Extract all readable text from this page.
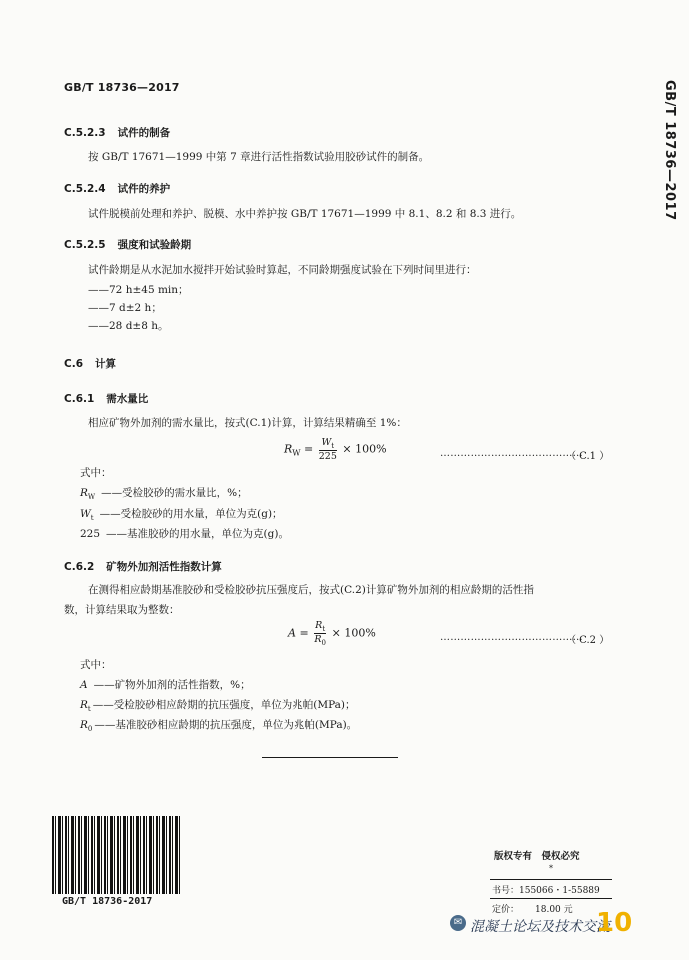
GB/T 18736—2017	GB/T 18736—2017
C.5.2.3 试件的制备
按 GB/T 17671—1999 中第 7 章进行活性指数试验用胶砂试件的制备。
C.5.2.4 试件的养护
试件脱模前处理和养护、脱模、水中养护按 GB/T 17671—1999 中 8.1、8.2 和 8.3 进行。
C.5.2.5 强度和试验龄期
试件龄期是从水泥加水搅拌开始试验时算起，不同龄期强度试验在下列时间里进行：
——72 h±45 min；
——7 d±2 h；
——28 d±8 h。
C.6 计算
C.6.1 需水量比
相应矿物外加剂的需水量比，按式(C.1)计算，计算结果精确至 1%：
$R_W = \frac{W_t}{225} \times 100\%$	……………………………………
（ C.1 ）
式中：
$R_W$ ——受检胶砂的需水量比，%；
$W_t$ ——受检胶砂的用水量，单位为克(g)；
225 ——基准胶砂的用水量，单位为克(g)。
C.6.2 矿物外加剂活性指数计算
在测得相应龄期基准胶砂和受检胶砂抗压强度后，按式(C.2)计算矿物外加剂的相应龄期的活性指
数，计算结果取为整数：
$A = \frac{R_t}{R_0} \times 100\%$	……………………………………
（ C.2 ）
式中：
A ——矿物外加剂的活性指数，%；
$R_t$ ——受检胶砂相应龄期的抗压强度，单位为兆帕(MPa)；
$R_0$ ——基准胶砂相应龄期的抗压强度，单位为兆帕(MPa)。
GB/T 18736-2017
版权专有　侵权必究
*
书号：155066・1-55889
定价： 18.00 元
✉ 混凝土论坛及技术交流
10
